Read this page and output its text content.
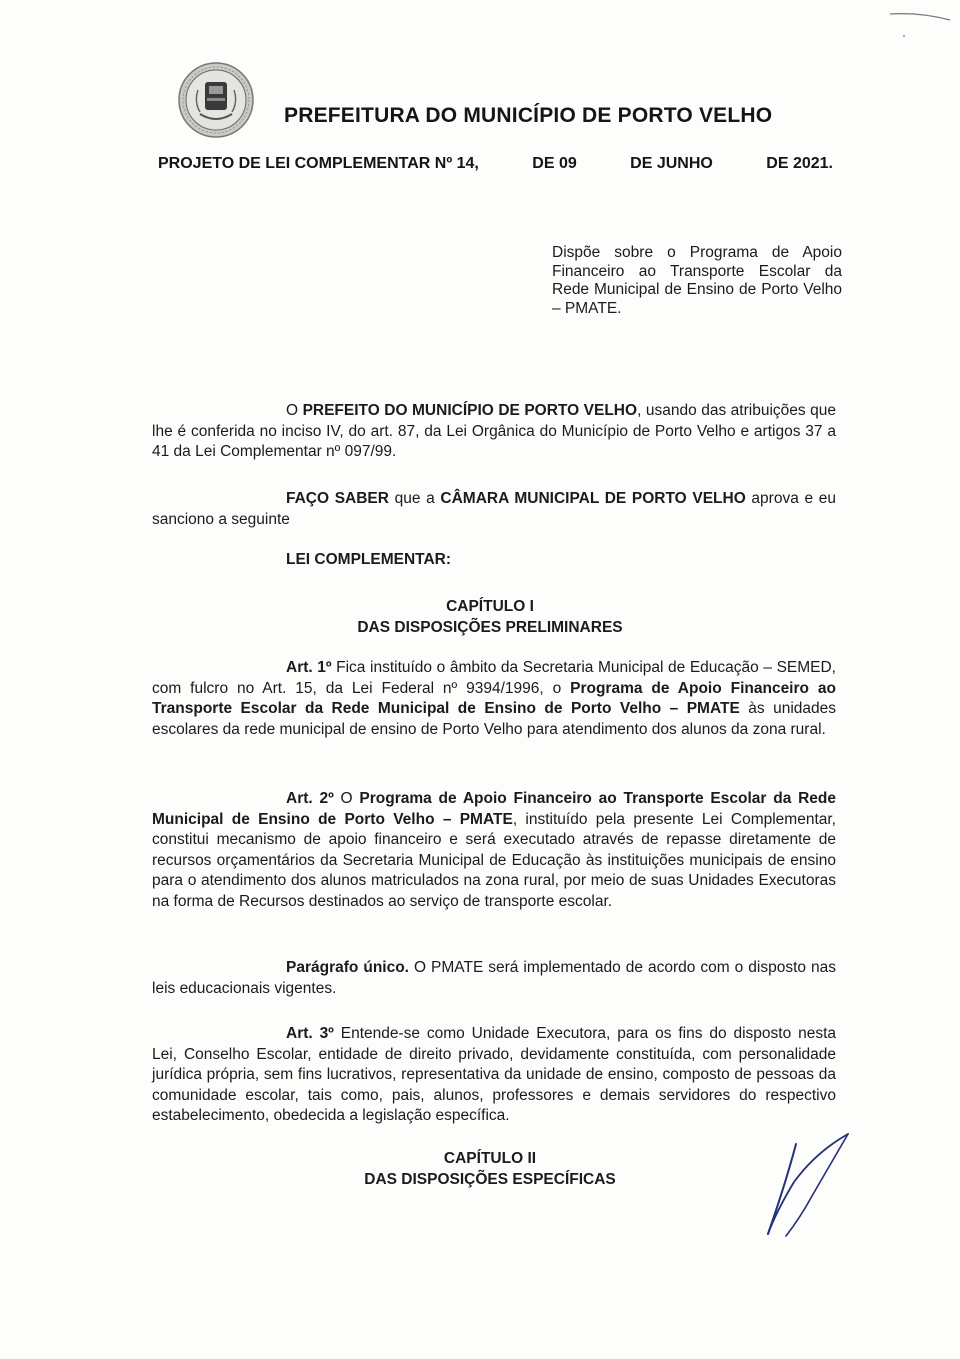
PREFEITURA DO MUNICÍPIO DE PORTO VELHO
PROJETO DE LEI COMPLEMENTAR Nº 14,	DE 09	DE JUNHO	DE 2021.
Dispõe sobre o Programa de Apoio Financeiro ao Transporte Escolar da Rede Municipal de Ensino de Porto Velho – PMATE.
O PREFEITO DO MUNICÍPIO DE PORTO VELHO, usando das atribuições que lhe é conferida no inciso IV, do art. 87, da Lei Orgânica do Município de Porto Velho e artigos 37 a 41 da Lei Complementar nº 097/99.
FAÇO SABER que a CÂMARA MUNICIPAL DE PORTO VELHO aprova e eu sanciono a seguinte
LEI COMPLEMENTAR:
CAPÍTULO I
DAS DISPOSIÇÕES PRELIMINARES
Art. 1º Fica instituído o âmbito da Secretaria Municipal de Educação – SEMED, com fulcro no Art. 15, da Lei Federal nº 9394/1996, o Programa de Apoio Financeiro ao Transporte Escolar da Rede Municipal de Ensino de Porto Velho – PMATE às unidades escolares da rede municipal de ensino de Porto Velho para atendimento dos alunos da zona rural.
Art. 2º O Programa de Apoio Financeiro ao Transporte Escolar da Rede Municipal de Ensino de Porto Velho – PMATE, instituído pela presente Lei Complementar, constitui mecanismo de apoio financeiro e será executado através de repasse diretamente de recursos orçamentários da Secretaria Municipal de Educação às instituições municipais de ensino para o atendimento dos alunos matriculados na zona rural, por meio de suas Unidades Executoras na forma de Recursos destinados ao serviço de transporte escolar.
Parágrafo único. O PMATE será implementado de acordo com o disposto nas leis educacionais vigentes.
Art. 3º Entende-se como Unidade Executora, para os fins do disposto nesta Lei, Conselho Escolar, entidade de direito privado, devidamente constituída, com personalidade jurídica própria, sem fins lucrativos, representativa da unidade de ensino, composto de pessoas da comunidade escolar, tais como, pais, alunos, professores e demais servidores do respectivo estabelecimento, obedecida a legislação específica.
CAPÍTULO II
DAS DISPOSIÇÕES ESPECÍFICAS
